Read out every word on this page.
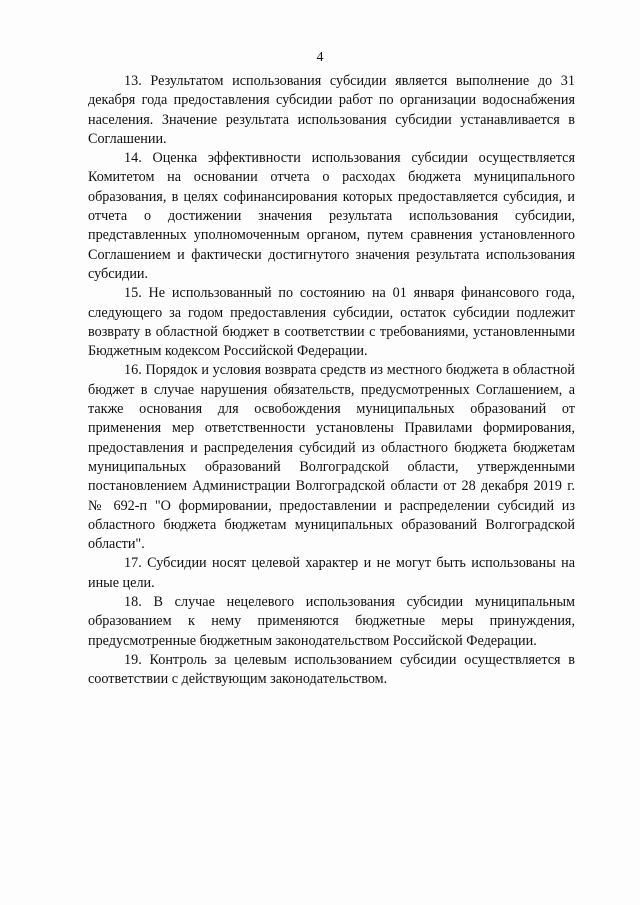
4

13. Результатом использования субсидии является выполнение до 31 декабря года предоставления субсидии работ по организации водоснабжения населения. Значение результата использования субсидии устанавливается в Соглашении.

14. Оценка эффективности использования субсидии осуществляется Комитетом на основании отчета о расходах бюджета муниципального образования, в целях софинансирования которых предоставляется субсидия, и отчета о достижении значения результата использования субсидии, представленных уполномоченным органом, путем сравнения установленного Соглашением и фактически достигнутого значения результата использования субсидии.

15. Не использованный по состоянию на 01 января финансового года, следующего за годом предоставления субсидии, остаток субсидии подлежит возврату в областной бюджет в соответствии с требованиями, установленными Бюджетным кодексом Российской Федерации.

16. Порядок и условия возврата средств из местного бюджета в областной бюджет в случае нарушения обязательств, предусмотренных Соглашением, а также основания для освобождения муниципальных образований от применения мер ответственности установлены Правилами формирования, предоставления и распределения субсидий из областного бюджета бюджетам муниципальных образований Волгоградской области, утвержденными постановлением Администрации Волгоградской области от 28 декабря 2019 г. № 692-п "О формировании, предоставлении и распределении субсидий из областного бюджета бюджетам муниципальных образований Волгоградской области".

17. Субсидии носят целевой характер и не могут быть использованы на иные цели.

18. В случае нецелевого использования субсидии муниципальным образованием к нему применяются бюджетные меры принуждения, предусмотренные бюджетным законодательством Российской Федерации.

19. Контроль за целевым использованием субсидии осуществляется в соответствии с действующим законодательством.
